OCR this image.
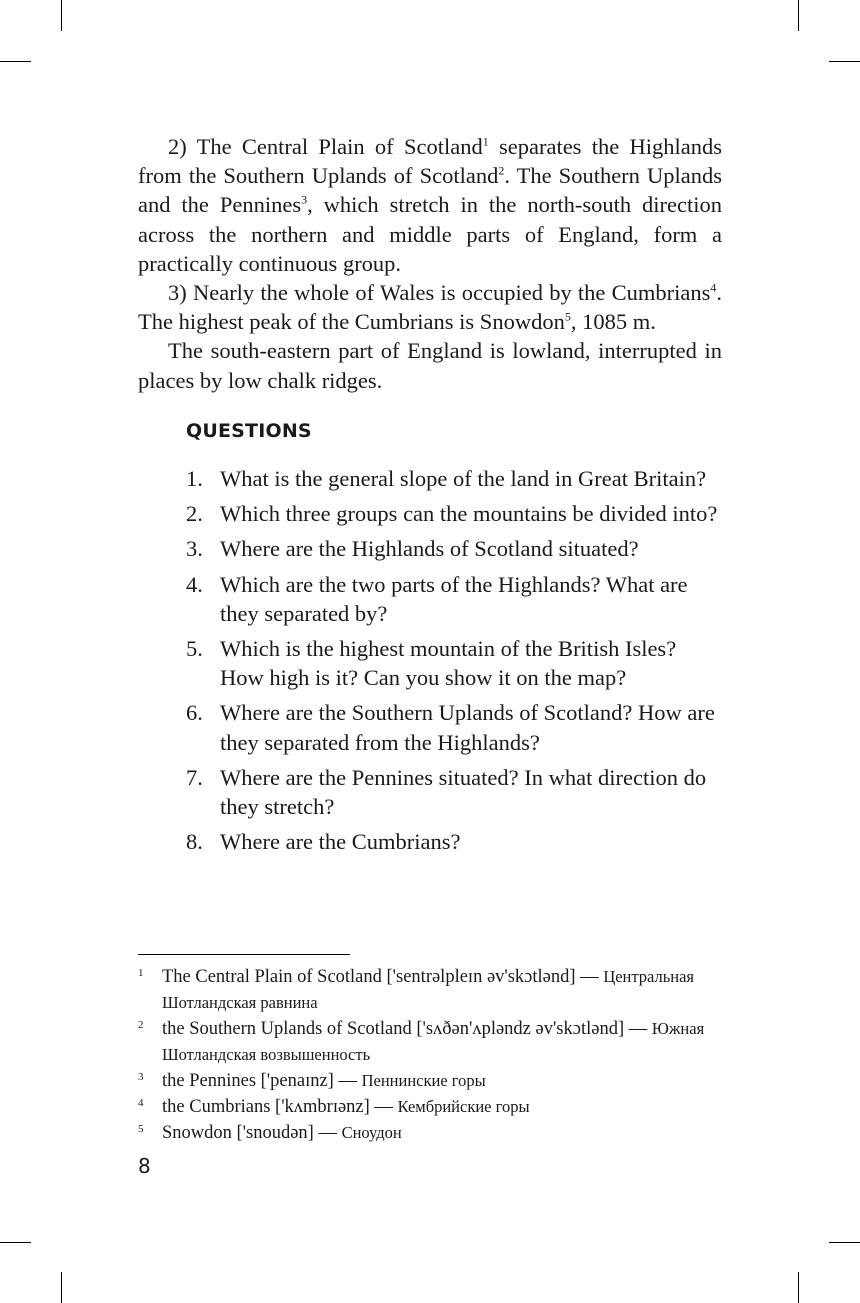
2) The Central Plain of Scotland$^1$ separates the Highlands from the Southern Uplands of Scotland$^2$. The Southern Uplands and the Pennines$^3$, which stretch in the north-south direction across the northern and middle parts of England, form a practically continuous group.

3) Nearly the whole of Wales is occupied by the Cumbrians$^4$. The highest peak of the Cumbrians is Snowdon$^5$, 1085 m.

The south-eastern part of England is lowland, interrupted in places by low chalk ridges.

QUESTIONS
1. What is the general slope of the land in Great Britain?
2. Which three groups can the mountains be divided into?
3. Where are the Highlands of Scotland situated?
4. Which are the two parts of the Highlands? What are they separated by?
5. Which is the highest mountain of the British Isles? How high is it? Can you show it on the map?
6. Where are the Southern Uplands of Scotland? How are they separated from the Highlands?
7. Where are the Pennines situated? In what direction do they stretch?
8. Where are the Cumbrians?
1	The Central Plain of Scotland ['sentrəlpleɪn əv'skɔtlənd] — Центральная Шотландская равнина
2	the Southern Uplands of Scotland ['sʌðən'ʌpləndz əv'skɔtlənd] — Южная Шотландская возвышенность
3	the Pennines ['penaɪnz] — Пеннинские горы
4	the Cumbrians ['kʌmbrɪənz] — Кембрийские горы
5	Snowdon ['snoudən] — Сноудон
8
